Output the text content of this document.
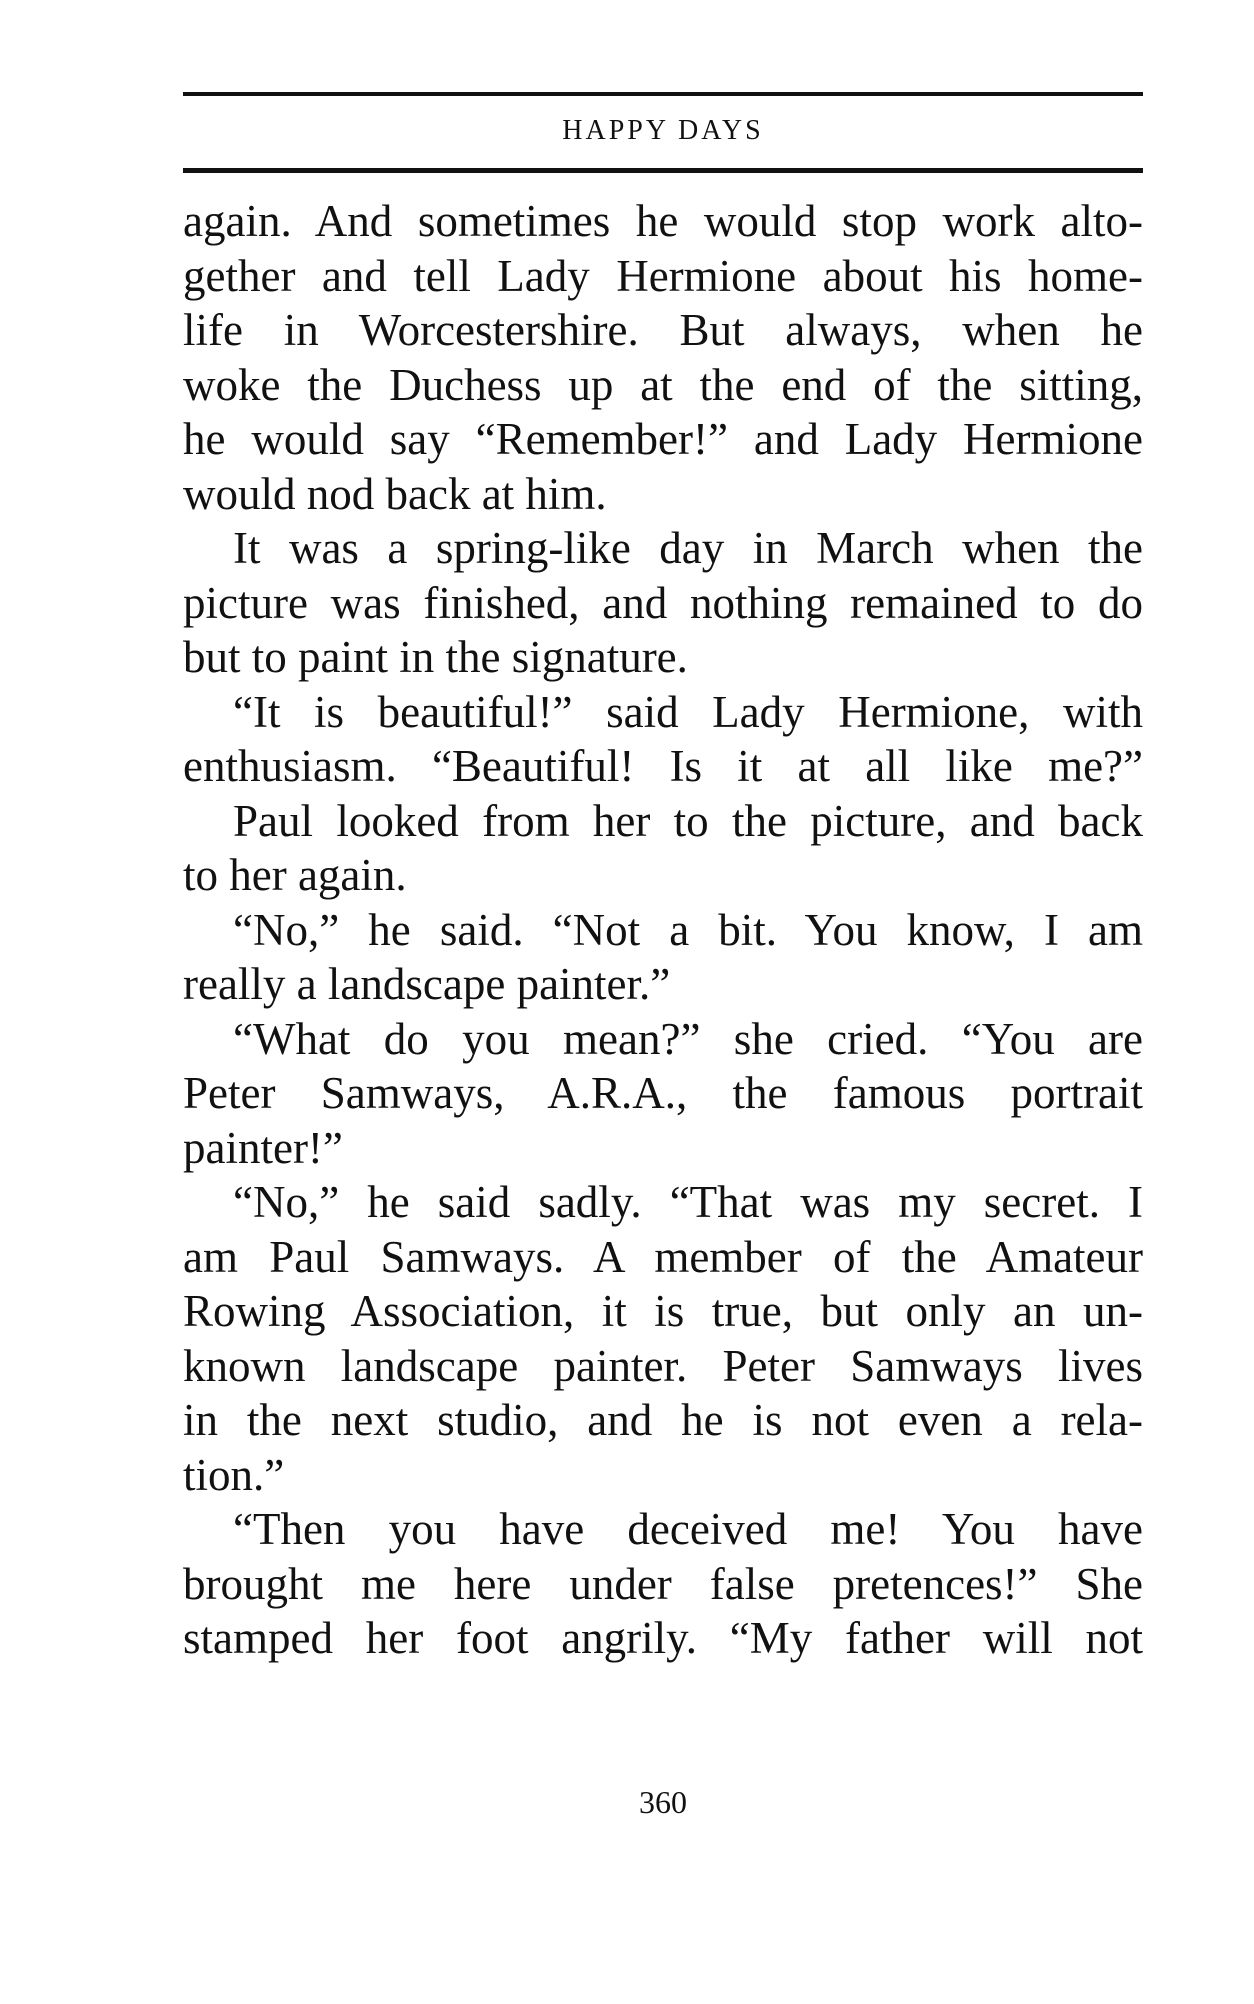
HAPPY DAYS
again. And sometimes he would stop work alto-
gether and tell Lady Hermione about his home-
life in Worcestershire. But always, when he
woke the Duchess up at the end of the sitting,
he would say “Remember!” and Lady Hermione
would nod back at him.
It was a spring-like day in March when the
picture was finished, and nothing remained to do
but to paint in the signature.
“It is beautiful!” said Lady Hermione, with
enthusiasm. “Beautiful! Is it at all like me?”
Paul looked from her to the picture, and back
to her again.
“No,” he said. “Not a bit. You know, I am
really a landscape painter.”
“What do you mean?” she cried. “You are
Peter Samways, A.R.A., the famous portrait
painter!”
“No,” he said sadly. “That was my secret. I
am Paul Samways. A member of the Amateur
Rowing Association, it is true, but only an un-
known landscape painter. Peter Samways lives
in the next studio, and he is not even a rela-
tion.”
“Then you have deceived me! You have
brought me here under false pretences!” She
stamped her foot angrily. “My father will not
360
